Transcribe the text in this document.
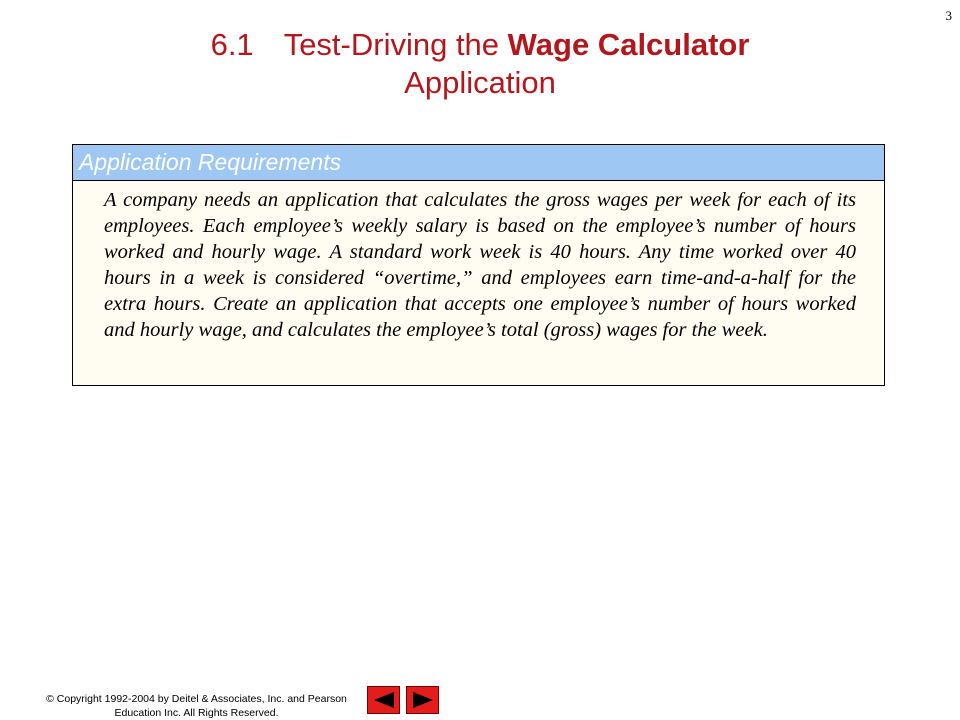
3
6.1 Test-Driving the Wage Calculator
Application
Application Requirements
A company needs an application that calculates the gross wages per week for each of its employees. Each employee’s weekly salary is based on the employee’s number of hours worked and hourly wage. A standard work week is 40 hours. Any time worked over 40 hours in a week is considered “overtime,” and employees earn time-and-a-half for the extra hours. Create an application that accepts one employee’s number of hours worked and hourly wage, and calculates the employee’s total (gross) wages for the week.
© Copyright 1992-2004 by Deitel & Associates, Inc. and Pearson
Education Inc. All Rights Reserved.
